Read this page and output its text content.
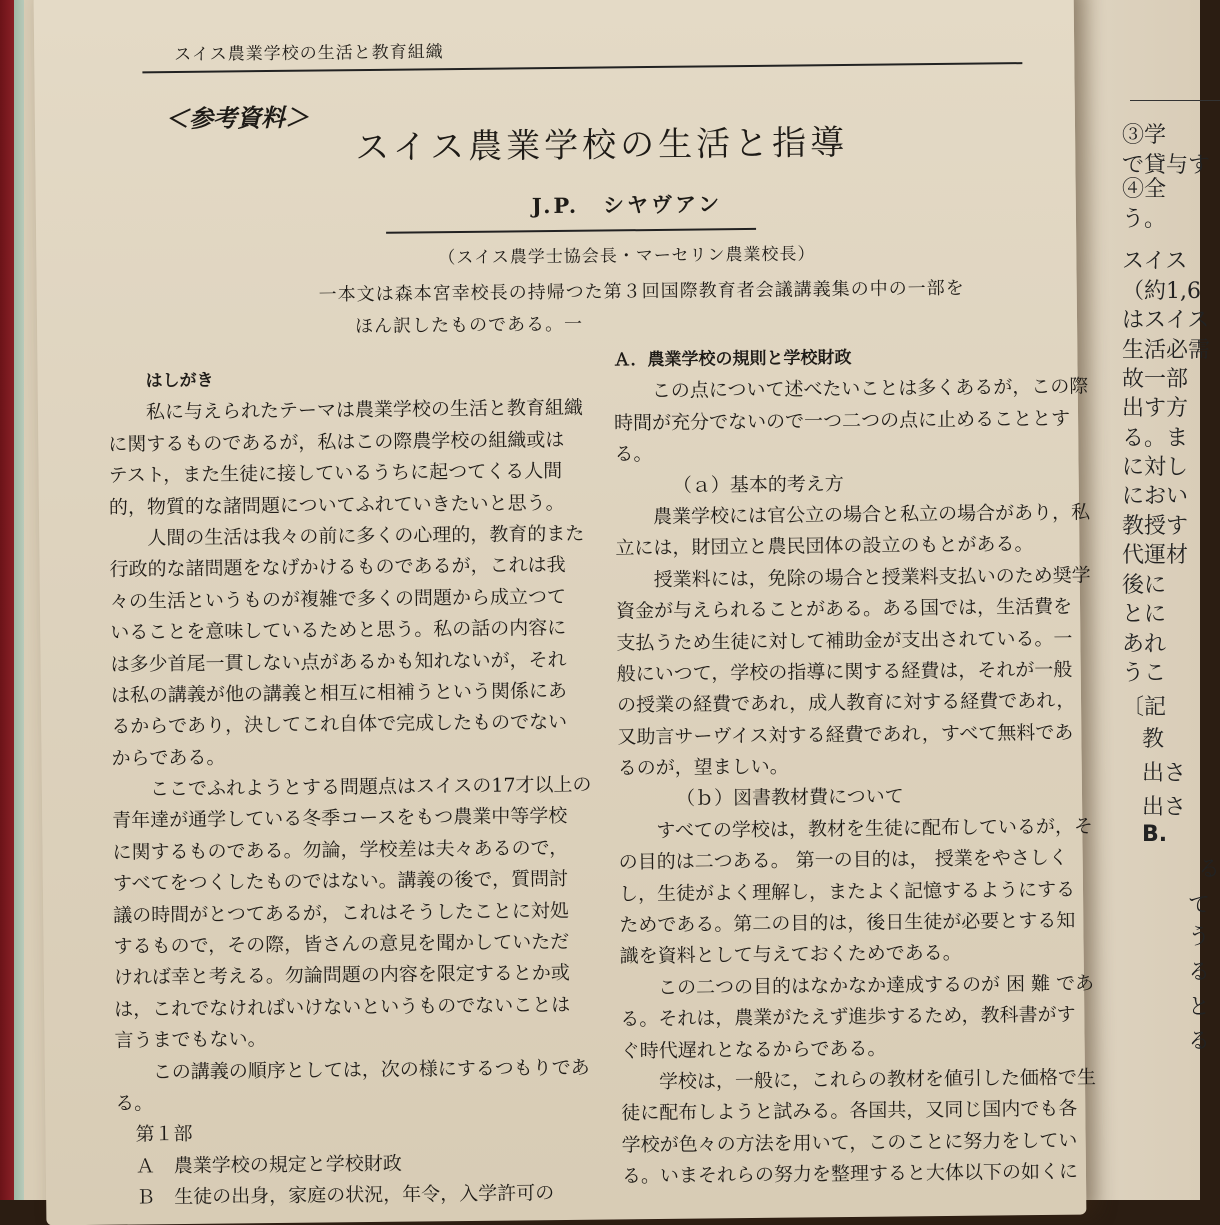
③学
で貸与す
④全
う。
スイス
（約1,6
はスイス
生活必需
故一部
出す方
る。ま
に対し
におい
教授す
代運材
後に
とに
あれ
うこ
〔記
教
出さ
出さ
B.
る
て
う
る
と
る
スイス農業学校の生活と教育組織
＜参考資料＞
スイス農業学校の生活と指導
J.P.　シヤヴアン
（スイス農学士協会長・マーセリン農業校長）
一本文は森本宮幸校長の持帰つた第３回国際教育者会議講義集の中の一部を
ほん訳したものである。一
はしがき
私に与えられたテーマは農業学校の生活と教育組織
に関するものであるが，私はこの際農学校の組織或は
テスト，また生徒に接しているうちに起つてくる人間
的，物質的な諸問題についてふれていきたいと思う。
人間の生活は我々の前に多くの心理的，教育的また
行政的な諸問題をなげかけるものであるが，これは我
々の生活というものが複雑で多くの問題から成立つて
いることを意味しているためと思う。私の話の内容に
は多少首尾一貫しない点があるかも知れないが，それ
は私の講義が他の講義と相互に相補うという関係にあ
るからであり，決してこれ自体で完成したものでない
からである。
ここでふれようとする問題点はスイスの17才以上の
青年達が通学している冬季コースをもつ農業中等学校
に関するものである。勿論，学校差は夫々あるので，
すべてをつくしたものではない。講義の後で，質問討
議の時間がとつてあるが，これはそうしたことに対処
するもので，その際，皆さんの意見を聞かしていただ
ければ幸と考える。勿論問題の内容を限定するとか或
は，これでなければいけないというものでないことは
言うまでもない。
この講義の順序としては，次の様にするつもりであ
る。
第１部
Ａ　農業学校の規定と学校財政
Ｂ　生徒の出身，家庭の状況，年令，入学許可の
Ａ．農業学校の規則と学校財政
この点について述べたいことは多くあるが，この際
時間が充分でないので一つ二つの点に止めることとす
る。
（ａ）基本的考え方
農業学校には官公立の場合と私立の場合があり，私
立には，財団立と農民団体の設立のもとがある。
授業料には，免除の場合と授業料支払いのため奨学
資金が与えられることがある。ある国では，生活費を
支払うため生徒に対して補助金が支出されている。一
般にいつて，学校の指導に関する経費は，それが一般
の授業の経費であれ，成人教育に対する経費であれ，
又助言サーヴイス対する経費であれ，すべて無料であ
るのが，望ましい。
（ｂ）図書教材費について
すべての学校は，教材を生徒に配布しているが，そ
の目的は二つある。 第一の目的は， 授業をやさしく
し，生徒がよく理解し，またよく記憶するようにする
ためである。第二の目的は，後日生徒が必要とする知
識を資料として与えておくためである。
この二つの目的はなかなか達成するのが 困 難 であ
る。それは，農業がたえず進歩するため，教科書がす
ぐ時代遅れとなるからである。
学校は，一般に，これらの教材を値引した価格で生
徒に配布しようと試みる。各国共，又同じ国内でも各
学校が色々の方法を用いて，このことに努力をしてい
る。いまそれらの努力を整理すると大体以下の如くに
